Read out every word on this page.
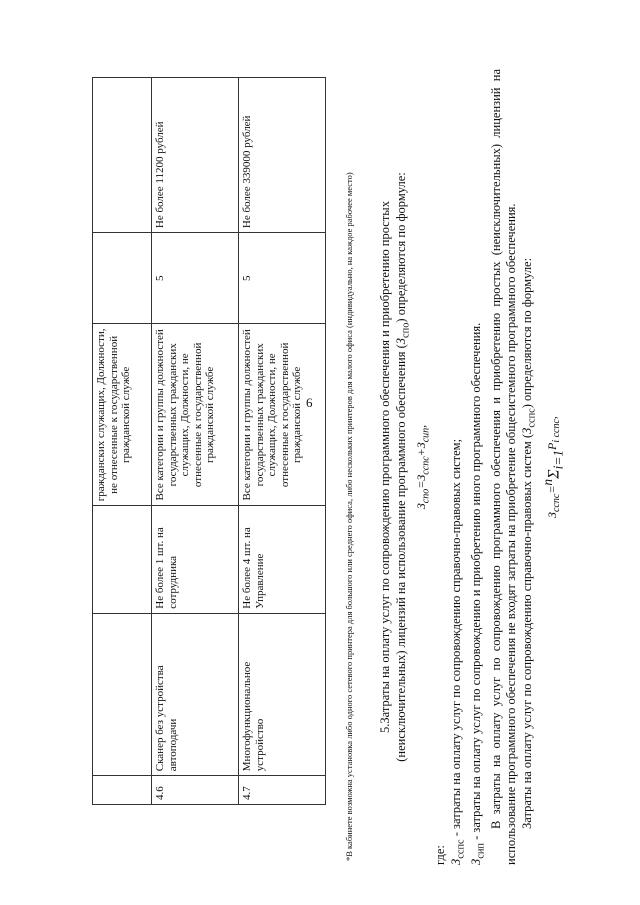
6
			гражданских служащих, Должности, не отнесенные к государственной гражданской службе		
4.6	Сканер без устройства автоподачи	Не более 1 шт. на сотрудника	Все категории и группы должностей государственных гражданских служащих, Должности, не отнесенные к государственной гражданской службе	5	Не более 11200 рублей
4.7	Многофункциональное устройство	Не более 4 шт. на Управление	Все категории и группы должностей государственных гражданских служащих, Должности, не отнесенные к государственной гражданской службе	5	Не более 339000 рублей

*В кабинете возможна установка либо одного сетевого принтера для большого или среднего офиса, либо нескольких принтеров для малого офиса (индивидуально, на каждое рабочее место) 5.Затраты на оплату услуг по сопровождению программного обеспечения и приобретению простых (неисключительных) лицензий на использование программного обеспечения $(З_{спо})$ определяются по формуле:

$З_{спо}=З_{сспс}+З_{сип}$,

где: $З_{сспс}$ - затраты на оплату услуг по сопровождению справочно-правовых систем;

$З_{сип}$ - затраты на оплату услуг по сопровождению и приобретению иного программного обеспечения. В затраты на оплату услуг по сопровождению программного обеспечения и приобретению простых (неисключительных) лицензий на использование программного обеспечения не входят затраты на приобретение общесистемного программного обеспечения. Затраты на оплату услуг по сопровождению справочно-правовых систем $(З_{сспс})$ определяются по формуле:

$З_{сспс}=^n\Sigma_{i=1}P_{i сспс}$,
